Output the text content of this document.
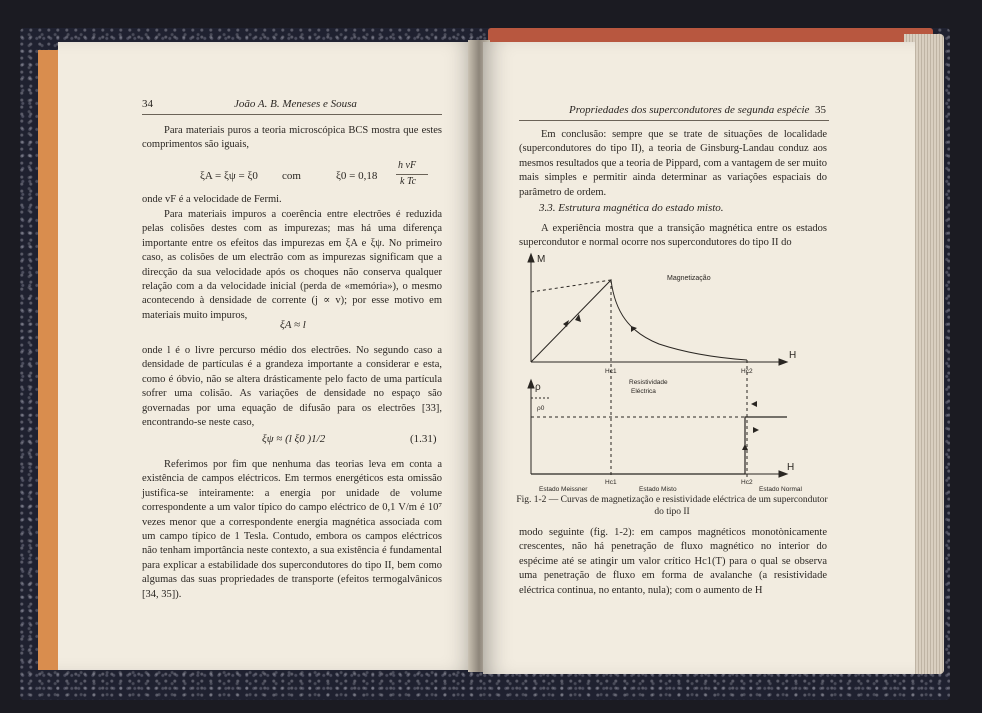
34	João A. B. Meneses e Sousa

Para materiais puros a teoria microscópica BCS mostra que estes comprimentos são iguais,

ξA = ξψ = ξ0 com	ξ0 = 0,18
h vF
k Tc

onde vF é a velocidade de Fermi.

Para materiais impuros a coerência entre electrões é reduzida pelas colisões destes com as impurezas; mas há uma diferença importante entre os efeitos das impurezas em ξA e ξψ. No primeiro caso, as colisões de um electrão com as impurezas significam que a direcção da sua velocidade após os choques não conserva qualquer relação com a da velocidade inicial (perda de «memória»), o mesmo acontecendo à densidade de corrente (j ∝ v); por esse motivo em materiais muito impuros,

ξA ≈ l

onde l é o livre percurso médio dos electrões. No segundo caso a densidade de partículas é a grandeza importante a considerar e esta, como é óbvio, não se altera drásticamente pelo facto de uma partícula sofrer uma colisão. As variações de densidade no espaço são governadas por uma equação de difusão para os electrões [33], encontrando-se neste caso,

ξψ ≈ (l ξ0 )1/2	(1.31)

Referimos por fim que nenhuma das teorias leva em conta a existência de campos eléctricos. Em termos energéticos esta omissão justifica-se inteiramente: a energia por unidade de volume correspondente a um valor típico do campo eléctrico de 0,1 V/m é 10⁷ vezes menor que a correspondente energia magnética associada com um campo típico de 1 Tesla. Contudo, embora os campos eléctricos não tenham importância neste contexto, a sua existência é fundamental para explicar a estabilidade dos supercondutores do tipo II, bem como algumas das suas propriedades de transporte (efeitos termogalvânicos [34, 35]).

Propriedades dos supercondutores de segunda espécie 35

Em conclusão: sempre que se trate de situações de localidade (supercondutores do tipo II), a teoria de Ginsburg-Landau conduz aos mesmos resultados que a teoria de Pippard, com a vantagem de ser muito mais simples e permitir ainda determinar as variações espaciais do parâmetro de ordem.

3.3. Estrutura magnética do estado misto.

A experiência mostra que a transição magnética entre os estados supercondutor e normal ocorre nos supercondutores do tipo II do

M
H
Magnetização
Hc1	Hc2
ρ
H
Resistividade
Eléctrica
ρ0
Hc1	Hc2
Estado Meissner	Estado Misto	Estado Normal
Fig. 1-2 — Curvas de magnetização e resistividade eléctrica de um supercondutor
do tipo II

modo seguinte (fig. 1-2): em campos magnéticos monotònicamente crescentes, não há penetração de fluxo magnético no interior do espécime até se atingir um valor crítico Hc1(T) para o qual se observa uma penetração de fluxo em forma de avalanche (a resistividade eléctrica continua, no entanto, nula); com o aumento de H
